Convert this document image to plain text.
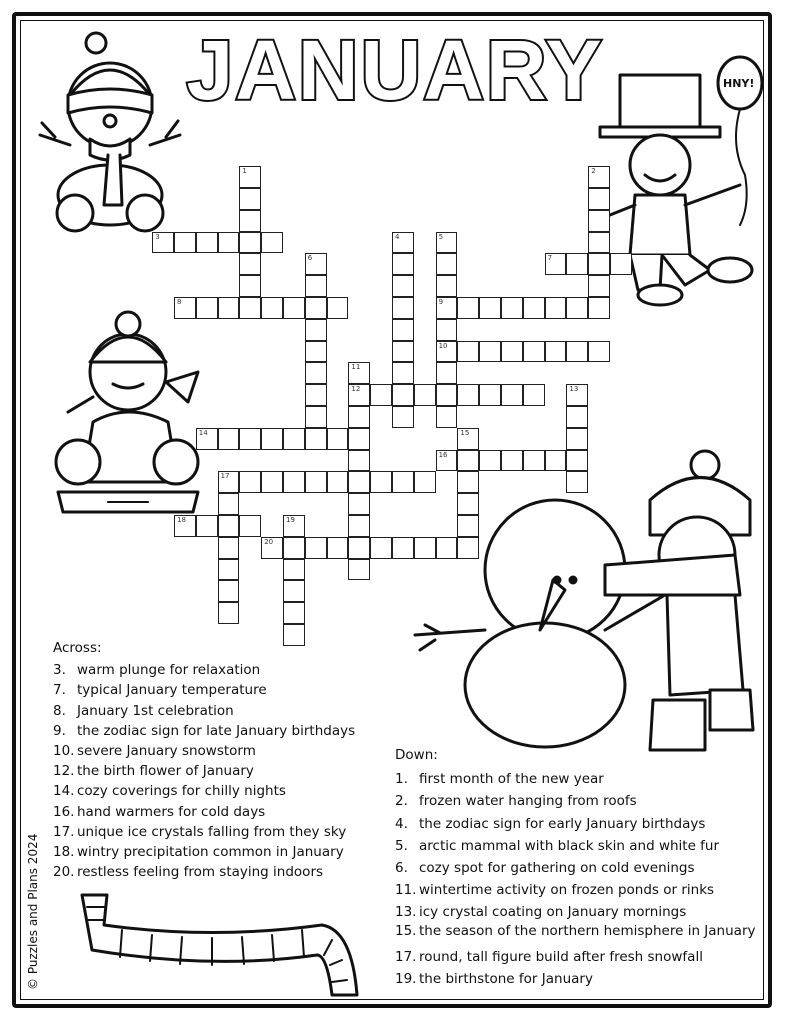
JANUARY	HNY!
© Puzzles and Plans 2024
3
7
8	9
10
12
14
16
17
18
20
1	2
4	5
6
11
13
15
19
Across:
3. warm plunge for relaxation
7. typical January temperature
8. January 1st celebration
9. the zodiac sign for late January birthdays
10. severe January snowstorm
12. the birth flower of January
14. cozy coverings for chilly nights
16. hand warmers for cold days
17. unique ice crystals falling from they sky
18. wintry precipitation common in January
20. restless feeling from staying indoors
Down:
1. first month of the new year
2. frozen water hanging from roofs
4. the zodiac sign for early January birthdays
5. arctic mammal with black skin and white fur
6. cozy spot for gathering on cold evenings
11. wintertime activity on frozen ponds or rinks
13. icy crystal coating on January mornings
15. the season of the northern hemisphere in January
17. round, tall figure build after fresh snowfall
19. the birthstone for January
